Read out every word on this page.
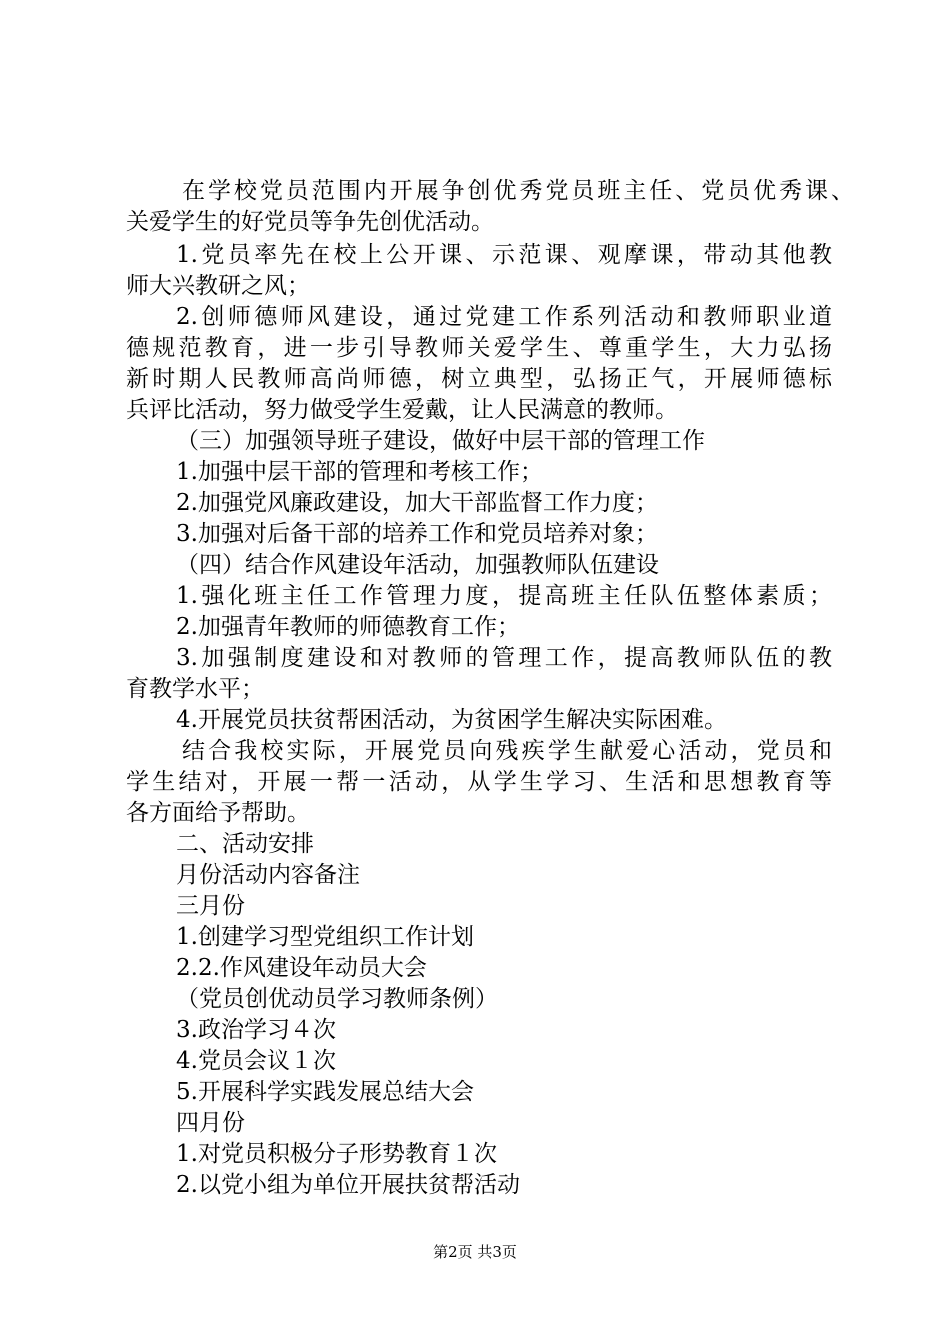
在学校党员范围内开展争创优秀党员班主任、党员优秀课、
关爱学生的好党员等争先创优活动。
1.党员率先在校上公开课、示范课、观摩课，带动其他教
师大兴教研之风；
2.创师德师风建设，通过党建工作系列活动和教师职业道
德规范教育，进一步引导教师关爱学生、尊重学生，大力弘扬
新时期人民教师高尚师德，树立典型，弘扬正气，开展师德标
兵评比活动，努力做受学生爱戴，让人民满意的教师。
（三）加强领导班子建设，做好中层干部的管理工作
1.加强中层干部的管理和考核工作；
2.加强党风廉政建设，加大干部监督工作力度；
3.加强对后备干部的培养工作和党员培养对象；
（四）结合作风建设年活动，加强教师队伍建设
1.强化班主任工作管理力度，提高班主任队伍整体素质；
2.加强青年教师的师德教育工作；
3.加强制度建设和对教师的管理工作，提高教师队伍的教
育教学水平；
4.开展党员扶贫帮困活动，为贫困学生解决实际困难。
结合我校实际，开展党员向残疾学生献爱心活动，党员和
学生结对，开展一帮一活动，从学生学习、生活和思想教育等
各方面给予帮助。
二、活动安排
月份活动内容备注
三月份
1.创建学习型党组织工作计划
2.2.作风建设年动员大会
（党员创优动员学习教师条例）
3.政治学习４次
4.党员会议１次
5.开展科学实践发展总结大会
四月份
1.对党员积极分子形势教育１次
2.以党小组为单位开展扶贫帮活动
第2页 共3页
